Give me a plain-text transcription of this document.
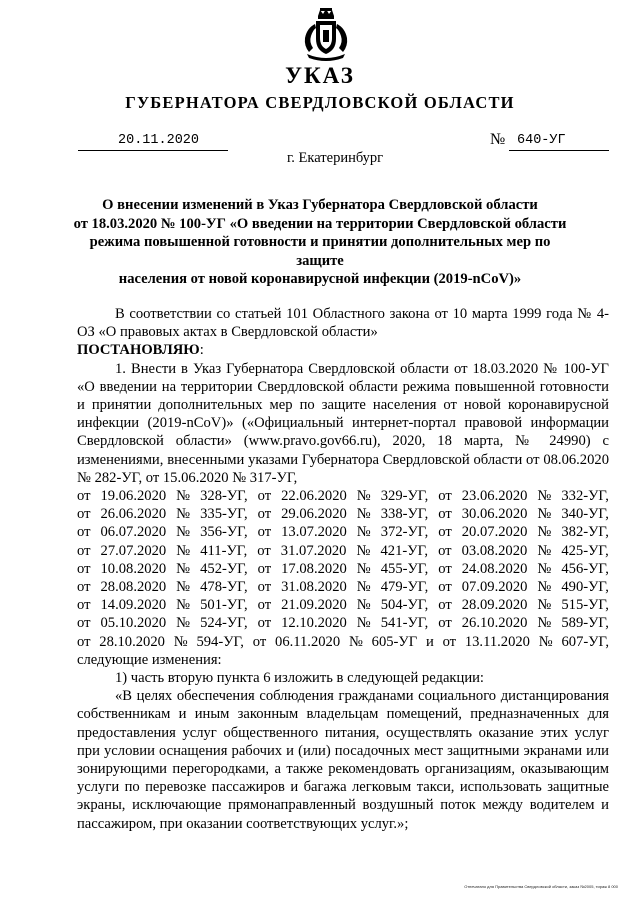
УКАЗ
ГУБЕРНАТОРА СВЕРДЛОВСКОЙ ОБЛАСТИ
20.11.2020	№ 640-УГ
г. Екатеринбург
О внесении изменений в Указ Губернатора Свердловской области
от 18.03.2020 № 100-УГ «О введении на территории Свердловской области
режима повышенной готовности и принятии дополнительных мер по защите
населения от новой коронавирусной инфекции (2019-nCoV)»

В соответствии со статьей 101 Областного закона от 10 марта 1999 года № 4-ОЗ «О правовых актах в Свердловской области»

ПОСТАНОВЛЯЮ:

1. Внести в Указ Губернатора Свердловской области от 18.03.2020 № 100-УГ «О введении на территории Свердловской области режима повышенной готовности и принятии дополнительных мер по защите населения от новой коронавирусной инфекции (2019-nCoV)» («Официальный интернет-портал правовой информации Свердловской области» (www.pravo.gov66.ru), 2020, 18 марта, № 24990) с изменениями, внесенными указами Губернатора Свердловской области от 08.06.2020 № 282-УГ, от 15.06.2020 № 317-УГ,

от 19.06.2020 № 328-УГ, от 22.06.2020 № 329-УГ, от 23.06.2020 № 332-УГ,
от 26.06.2020 № 335-УГ, от 29.06.2020 № 338-УГ, от 30.06.2020 № 340-УГ,
от 06.07.2020 № 356-УГ, от 13.07.2020 № 372-УГ, от 20.07.2020 № 382-УГ,
от 27.07.2020 № 411-УГ, от 31.07.2020 № 421-УГ, от 03.08.2020 № 425-УГ,
от 10.08.2020 № 452-УГ, от 17.08.2020 № 455-УГ, от 24.08.2020 № 456-УГ,
от 28.08.2020 № 478-УГ, от 31.08.2020 № 479-УГ, от 07.09.2020 № 490-УГ,
от 14.09.2020 № 501-УГ, от 21.09.2020 № 504-УГ, от 28.09.2020 № 515-УГ,
от 05.10.2020 № 524-УГ, от 12.10.2020 № 541-УГ, от 26.10.2020 № 589-УГ,
от 28.10.2020 № 594-УГ, от 06.11.2020 № 605-УГ и от 13.11.2020 № 607-УГ,

следующие изменения:

1) часть вторую пункта 6 изложить в следующей редакции:

«В целях обеспечения соблюдения гражданами социального дистанцирования собственникам и иным законным владельцам помещений, предназначенных для предоставления услуг общественного питания, осуществлять оказание этих услуг при условии оснащения рабочих и (или) посадочных мест защитными экранами или зонирующими перегородками, а также рекомендовать организациям, оказывающим услуги по перевозке пассажиров и багажа легковым такси, использовать защитные экраны, исключающие прямонаправленный воздушный поток между водителем и пассажиром, при оказании соответствующих услуг.»;

Отпечатано для Правительства Свердловской области, заказ №2005, тираж 8 000
